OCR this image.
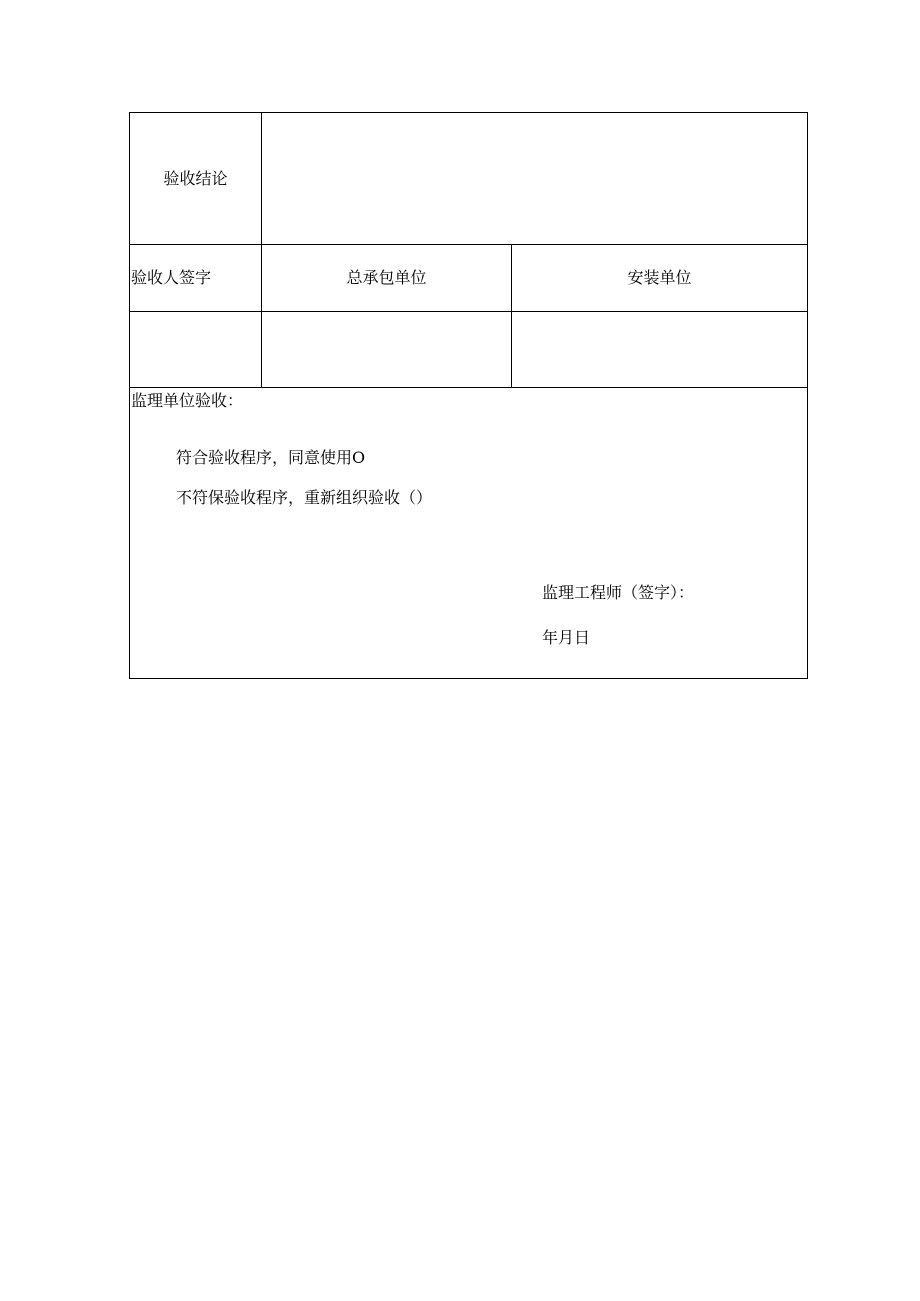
验收结论
验收人签字	总承包单位	安装单位
监理单位验收：
符合验收程序，同意使用O
不符保验收程序，重新组织验收（）
监理工程师（签字）：
年月日
